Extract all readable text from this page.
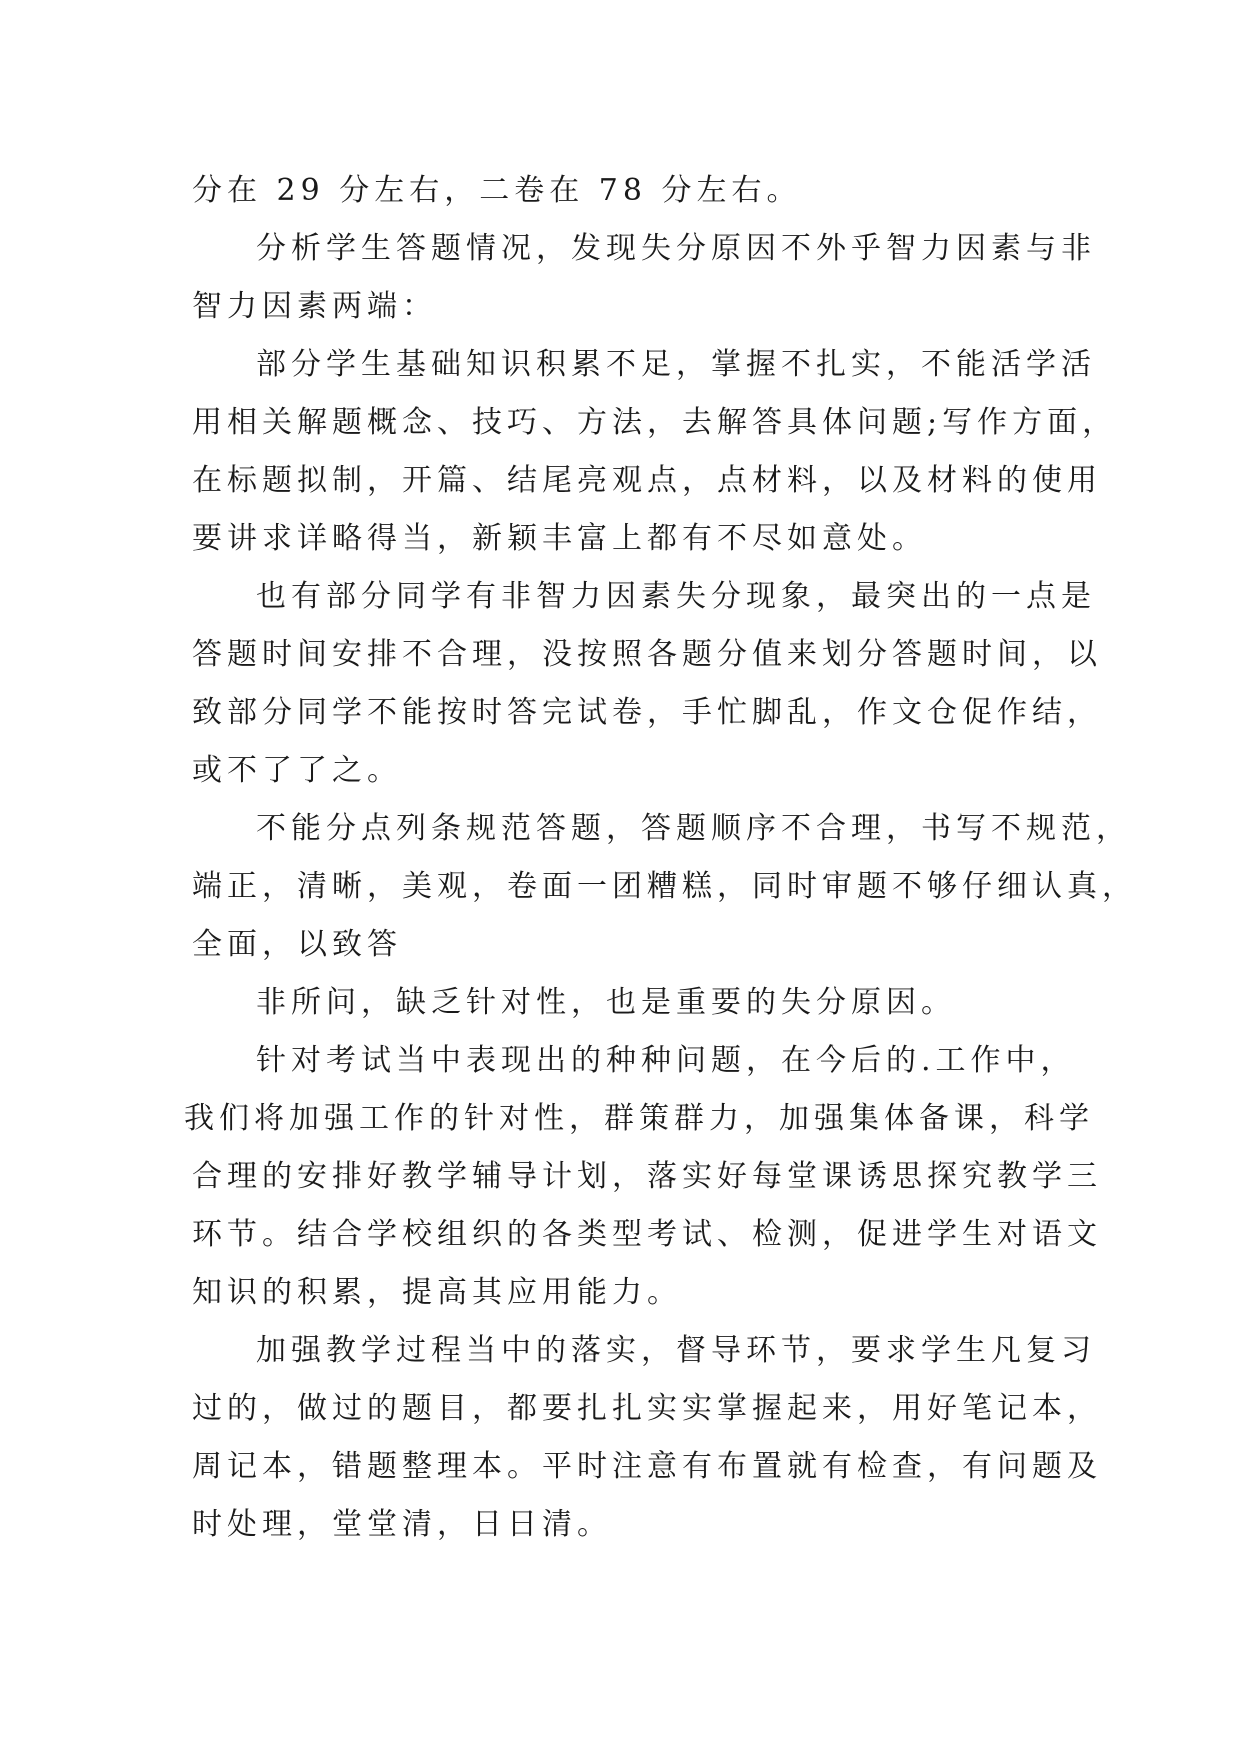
分在 29 分左右，二卷在 78 分左右。
分析学生答题情况，发现失分原因不外乎智力因素与非
智力因素两端：
部分学生基础知识积累不足，掌握不扎实，不能活学活
用相关解题概念、技巧、方法，去解答具体问题;写作方面，
在标题拟制，开篇、结尾亮观点，点材料，以及材料的使用
要讲求详略得当，新颖丰富上都有不尽如意处。
也有部分同学有非智力因素失分现象，最突出的一点是
答题时间安排不合理，没按照各题分值来划分答题时间，以
致部分同学不能按时答完试卷，手忙脚乱，作文仓促作结，
或不了了之。
不能分点列条规范答题，答题顺序不合理，书写不规范，
端正，清晰，美观，卷面一团糟糕，同时审题不够仔细认真，
全面，以致答
非所问，缺乏针对性，也是重要的失分原因。
针对考试当中表现出的种种问题，在今后的.工作中，
我们将加强工作的针对性，群策群力，加强集体备课，科学
合理的安排好教学辅导计划，落实好每堂课诱思探究教学三
环节。结合学校组织的各类型考试、检测，促进学生对语文
知识的积累，提高其应用能力。
加强教学过程当中的落实，督导环节，要求学生凡复习
过的，做过的题目，都要扎扎实实掌握起来，用好笔记本，
周记本，错题整理本。平时注意有布置就有检查，有问题及
时处理，堂堂清，日日清。
